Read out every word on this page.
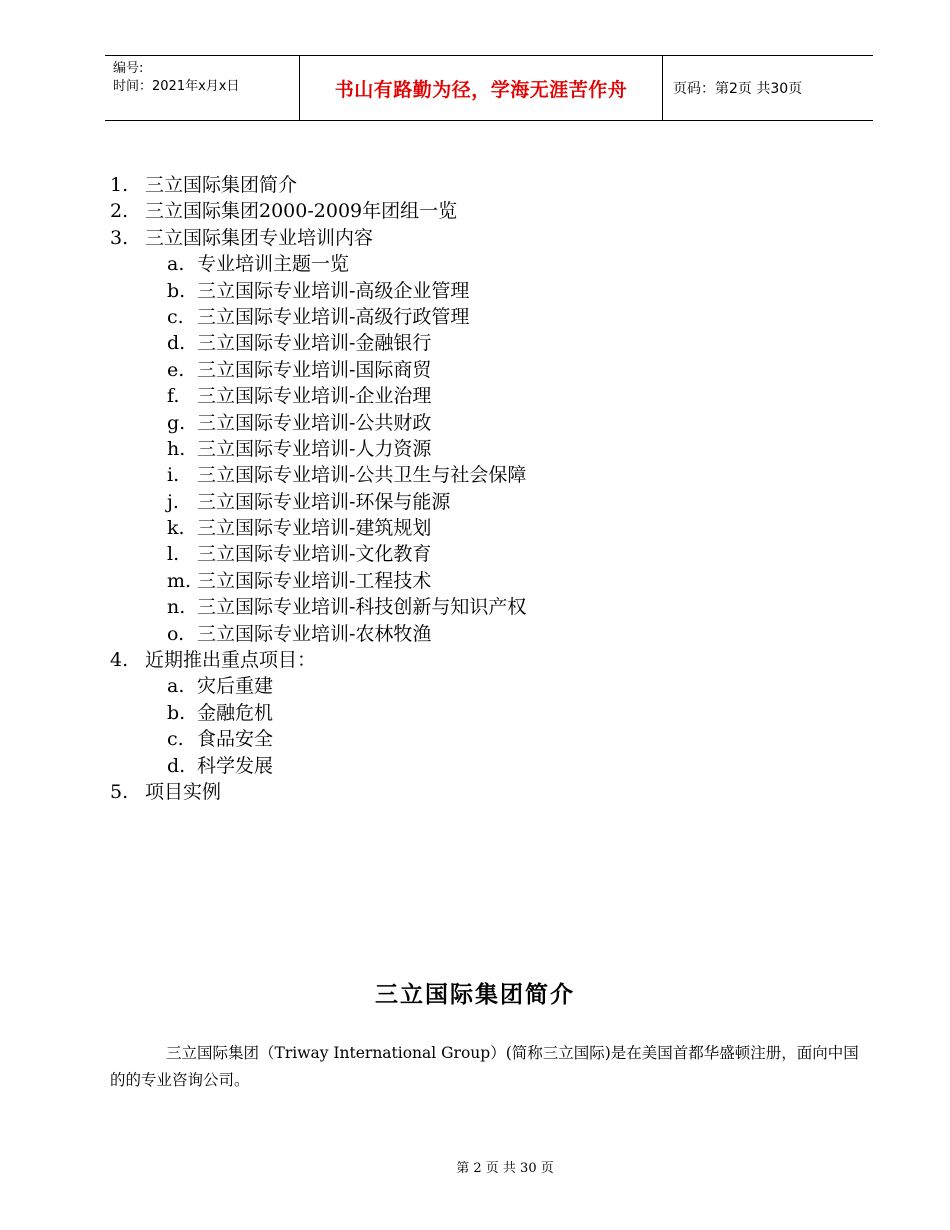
编号:
时间：2021年x月x日	书山有路勤为径，学海无涯苦作舟	页码：第2页 共30页
1. 三立国际集团简介
2. 三立国际集团2000-2009年团组一览
3. 三立国际集团专业培训内容
a. 专业培训主题一览
b. 三立国际专业培训-高级企业管理
c. 三立国际专业培训-高级行政管理
d. 三立国际专业培训-金融银行
e. 三立国际专业培训-国际商贸
f. 三立国际专业培训-企业治理
g. 三立国际专业培训-公共财政
h. 三立国际专业培训-人力资源
i. 三立国际专业培训-公共卫生与社会保障
j. 三立国际专业培训-环保与能源
k. 三立国际专业培训-建筑规划
l. 三立国际专业培训-文化教育
m. 三立国际专业培训-工程技术
n. 三立国际专业培训-科技创新与知识产权
o. 三立国际专业培训-农林牧渔
4. 近期推出重点项目：
a. 灾后重建
b. 金融危机
c. 食品安全
d. 科学发展
5. 项目实例
三立国际集团简介
三立国际集团（Triway International Group）(简称三立国际)是在美国首都华盛顿注册，面向中国的的专业咨询公司。
第 2 页 共 30 页
